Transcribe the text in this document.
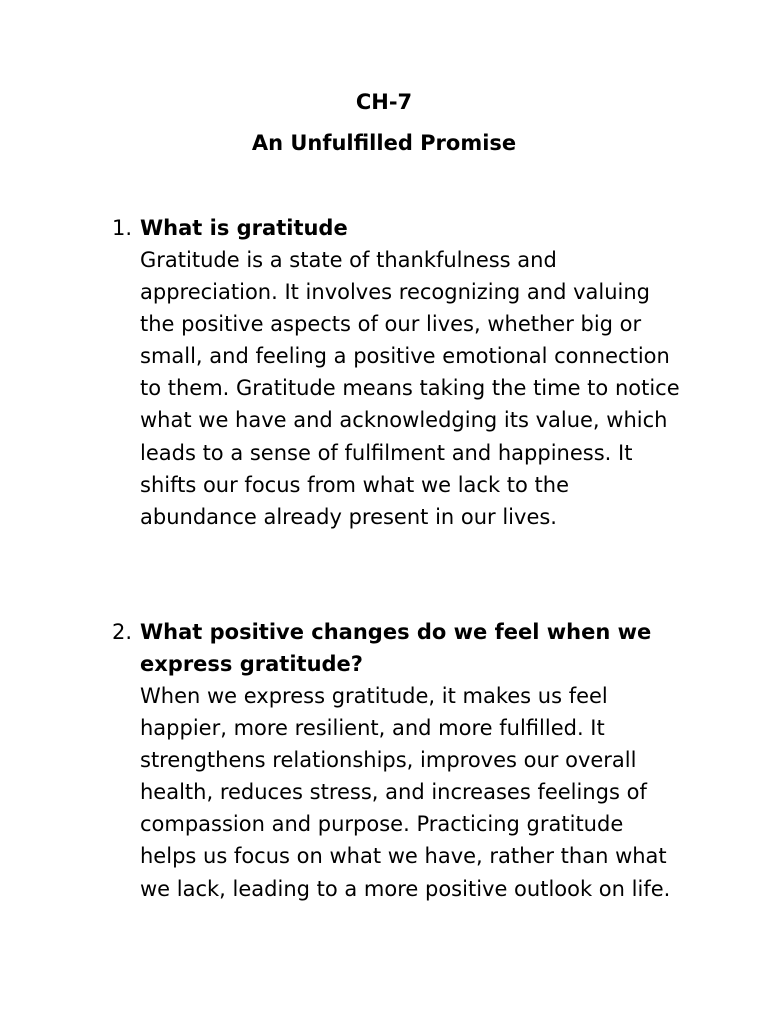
CH-7
An Unfulfilled Promise
1. What is gratitude

Gratitude is a state of thankfulness and appreciation. It involves recognizing and valuing the positive aspects of our lives, whether big or small, and feeling a positive emotional connection to them. Gratitude means taking the time to notice what we have and acknowledging its value, which leads to a sense of fulfilment and happiness. It shifts our focus from what we lack to the abundance already present in our lives.

2. What positive changes do we feel when we express gratitude?

When we express gratitude, it makes us feel happier, more resilient, and more fulfilled. It strengthens relationships, improves our overall health, reduces stress, and increases feelings of compassion and purpose. Practicing gratitude helps us focus on what we have, rather than what we lack, leading to a more positive outlook on life.
